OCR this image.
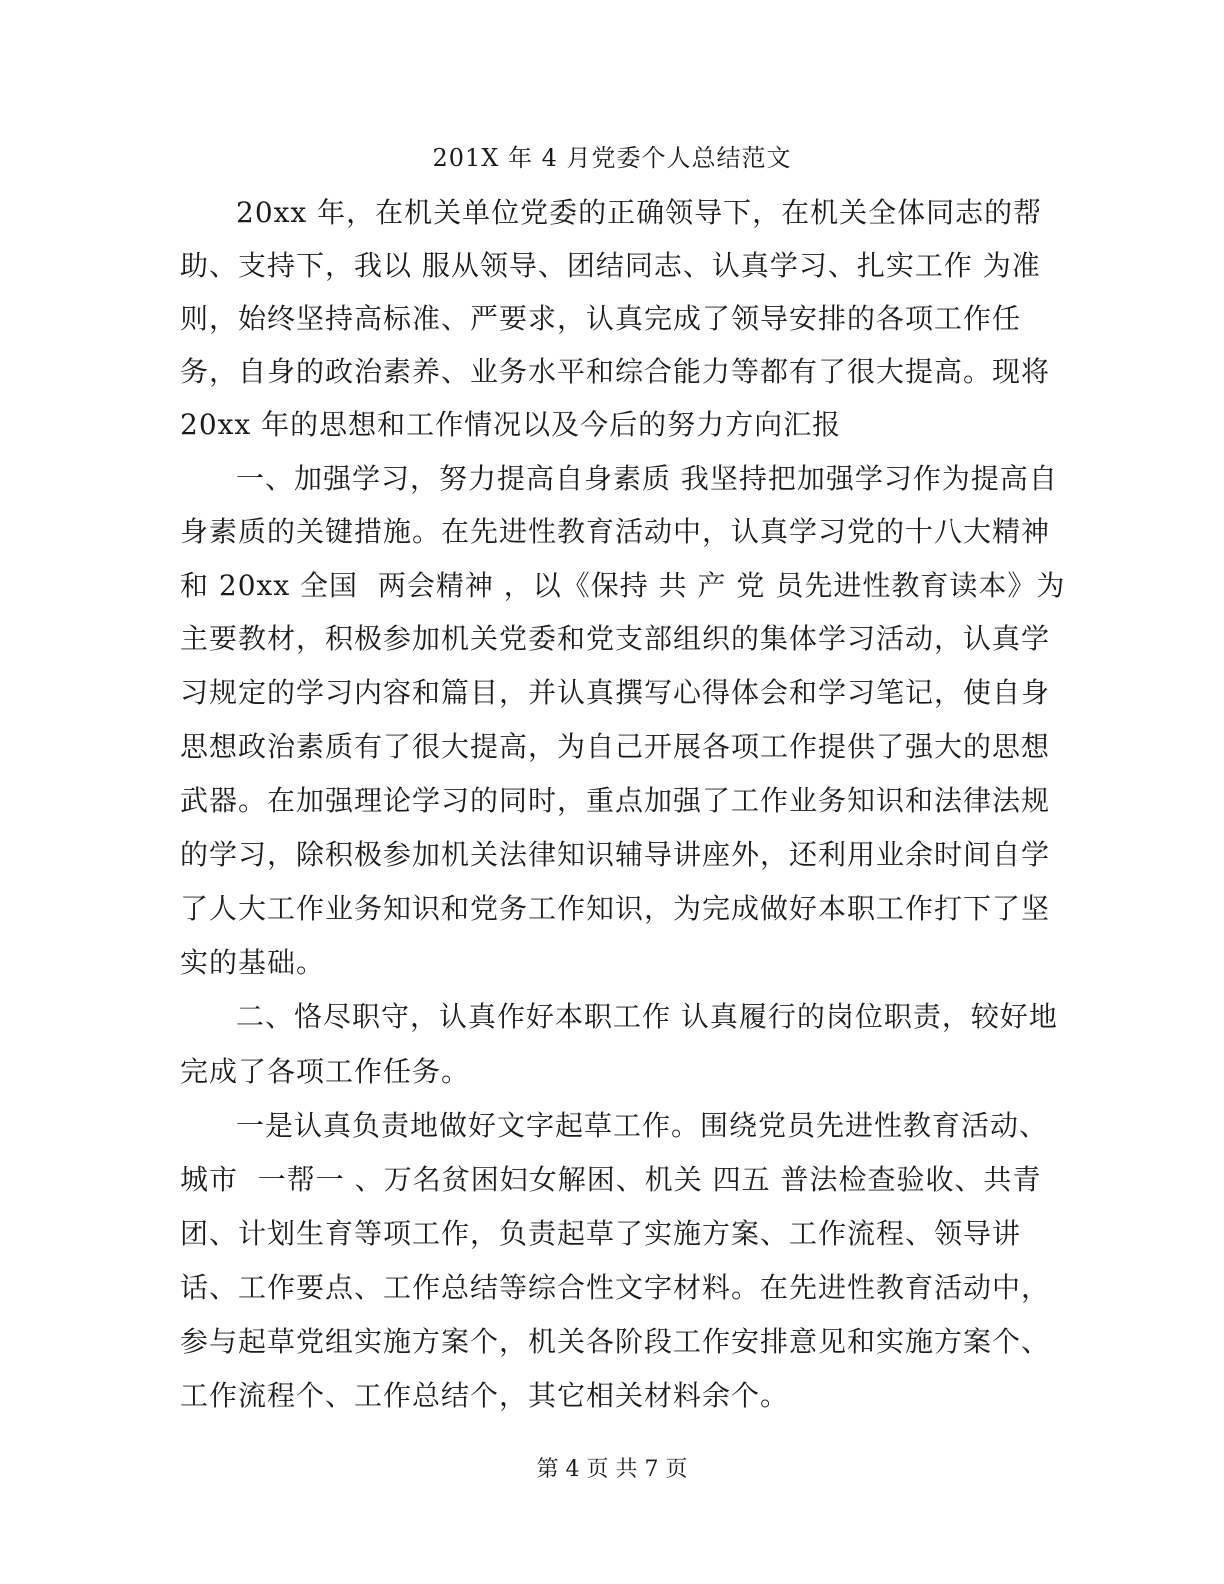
201X 年 4 月党委个人总结范文
20xx 年，在机关单位党委的正确领导下，在机关全体同志的帮
助、支持下，我以 服从领导、团结同志、认真学习、扎实工作 为准
则，始终坚持高标准、严要求，认真完成了领导安排的各项工作任
务，自身的政治素养、业务水平和综合能力等都有了很大提高。现将
20xx 年的思想和工作情况以及今后的努力方向汇报
一、加强学习，努力提高自身素质 我坚持把加强学习作为提高自
身素质的关键措施。在先进性教育活动中，认真学习党的十八大精神
和 20xx 全国  两会精神 ，以《保持 共 产 党 员先进性教育读本》为
主要教材，积极参加机关党委和党支部组织的集体学习活动，认真学
习规定的学习内容和篇目，并认真撰写心得体会和学习笔记，使自身
思想政治素质有了很大提高，为自己开展各项工作提供了强大的思想
武器。在加强理论学习的同时，重点加强了工作业务知识和法律法规
的学习，除积极参加机关法律知识辅导讲座外，还利用业余时间自学
了人大工作业务知识和党务工作知识，为完成做好本职工作打下了坚
实的基础。
二、恪尽职守，认真作好本职工作 认真履行的岗位职责，较好地
完成了各项工作任务。
一是认真负责地做好文字起草工作。围绕党员先进性教育活动、
城市  一帮一 、万名贫困妇女解困、机关 四五 普法检查验收、共青
团、计划生育等项工作，负责起草了实施方案、工作流程、领导讲
话、工作要点、工作总结等综合性文字材料。在先进性教育活动中，
参与起草党组实施方案个，机关各阶段工作安排意见和实施方案个、
工作流程个、工作总结个，其它相关材料余个。
第 4 页 共 7 页
